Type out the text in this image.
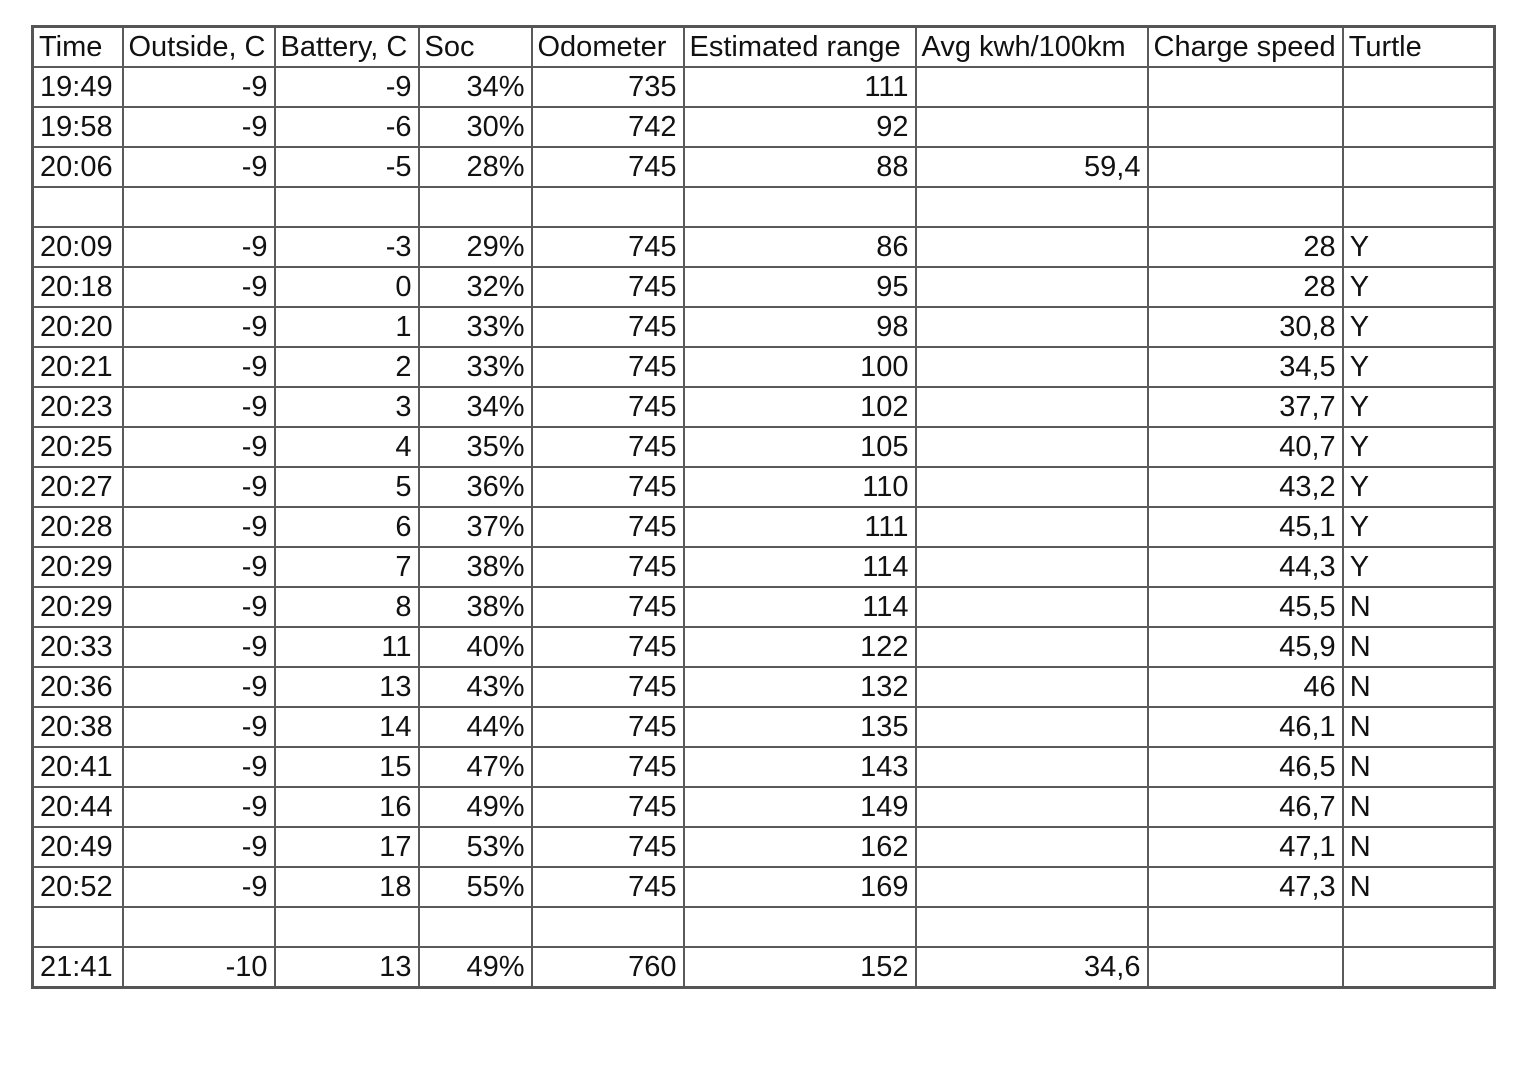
Time	Outside, C	Battery, C	Soc	Odometer	Estimated range	Avg kwh/100km	Charge speed	Turtle
19:49	-9	-9	34%	735	111			
19:58	-9	-6	30%	742	92			
20:06	-9	-5	28%	745	88	59,4		

20:09	-9	-3	29%	745	86		28	Y
20:18	-9	0	32%	745	95		28	Y
20:20	-9	1	33%	745	98		30,8	Y
20:21	-9	2	33%	745	100		34,5	Y
20:23	-9	3	34%	745	102		37,7	Y
20:25	-9	4	35%	745	105		40,7	Y
20:27	-9	5	36%	745	110		43,2	Y
20:28	-9	6	37%	745	111		45,1	Y
20:29	-9	7	38%	745	114		44,3	Y
20:29	-9	8	38%	745	114		45,5	N
20:33	-9	11	40%	745	122		45,9	N
20:36	-9	13	43%	745	132		46	N
20:38	-9	14	44%	745	135		46,1	N
20:41	-9	15	47%	745	143		46,5	N
20:44	-9	16	49%	745	149		46,7	N
20:49	-9	17	53%	745	162		47,1	N
20:52	-9	18	55%	745	169		47,3	N

21:41	-10	13	49%	760	152	34,6		
